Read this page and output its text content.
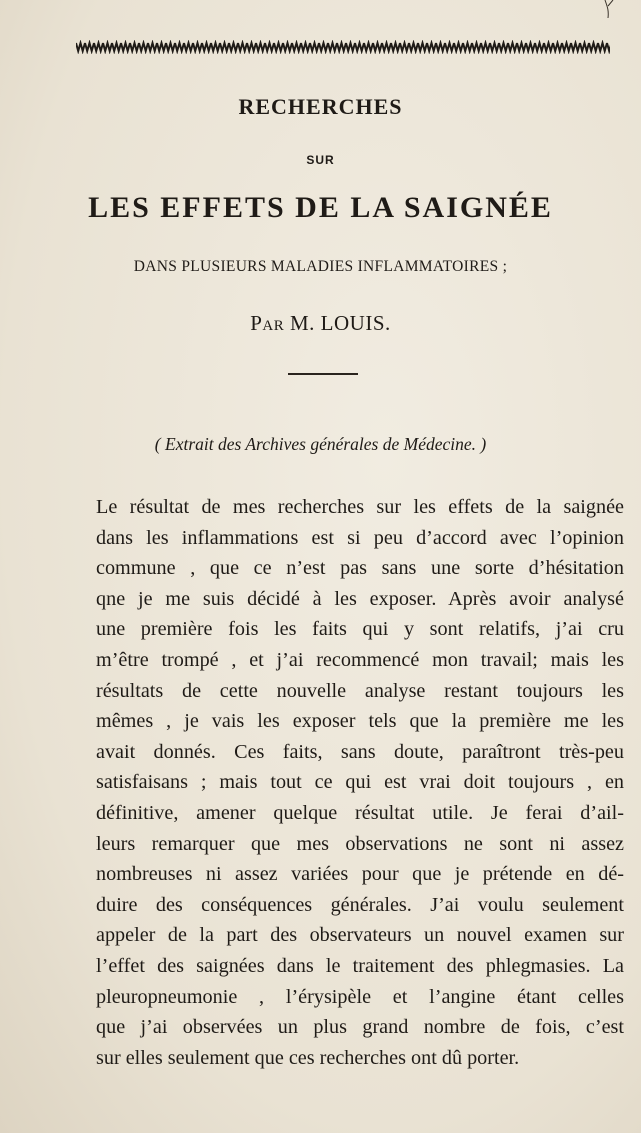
RECHERCHES
SUR
LES EFFETS DE LA SAIGNÉE
DANS PLUSIEURS MALADIES INFLAMMATOIRES ;
Par M. LOUIS.
( Extrait des Archives générales de Médecine. )
Le résultat de mes recherches sur les effets de la saignée
dans les inflammations est si peu d’accord avec l’opinion
commune , que ce n’est pas sans une sorte d’hésitation
qne je me suis décidé à les exposer. Après avoir analysé
une première fois les faits qui y sont relatifs, j’ai cru
m’être trompé , et j’ai recommencé mon travail; mais les
résultats de cette nouvelle analyse restant toujours les
mêmes , je vais les exposer tels que la première me les
avait donnés. Ces faits, sans doute, paraîtront très-peu
satisfaisans ; mais tout ce qui est vrai doit toujours , en
définitive, amener quelque résultat utile. Je ferai d’ail-
leurs remarquer que mes observations ne sont ni assez
nombreuses ni assez variées pour que je prétende en dé-
duire des conséquences générales. J’ai voulu seulement
appeler de la part des observateurs un nouvel examen sur
l’effet des saignées dans le traitement des phlegmasies. La
pleuropneumonie , l’érysipèle et l’angine étant celles
que j’ai observées un plus grand nombre de fois, c’est
sur elles seulement que ces recherches ont dû porter.
